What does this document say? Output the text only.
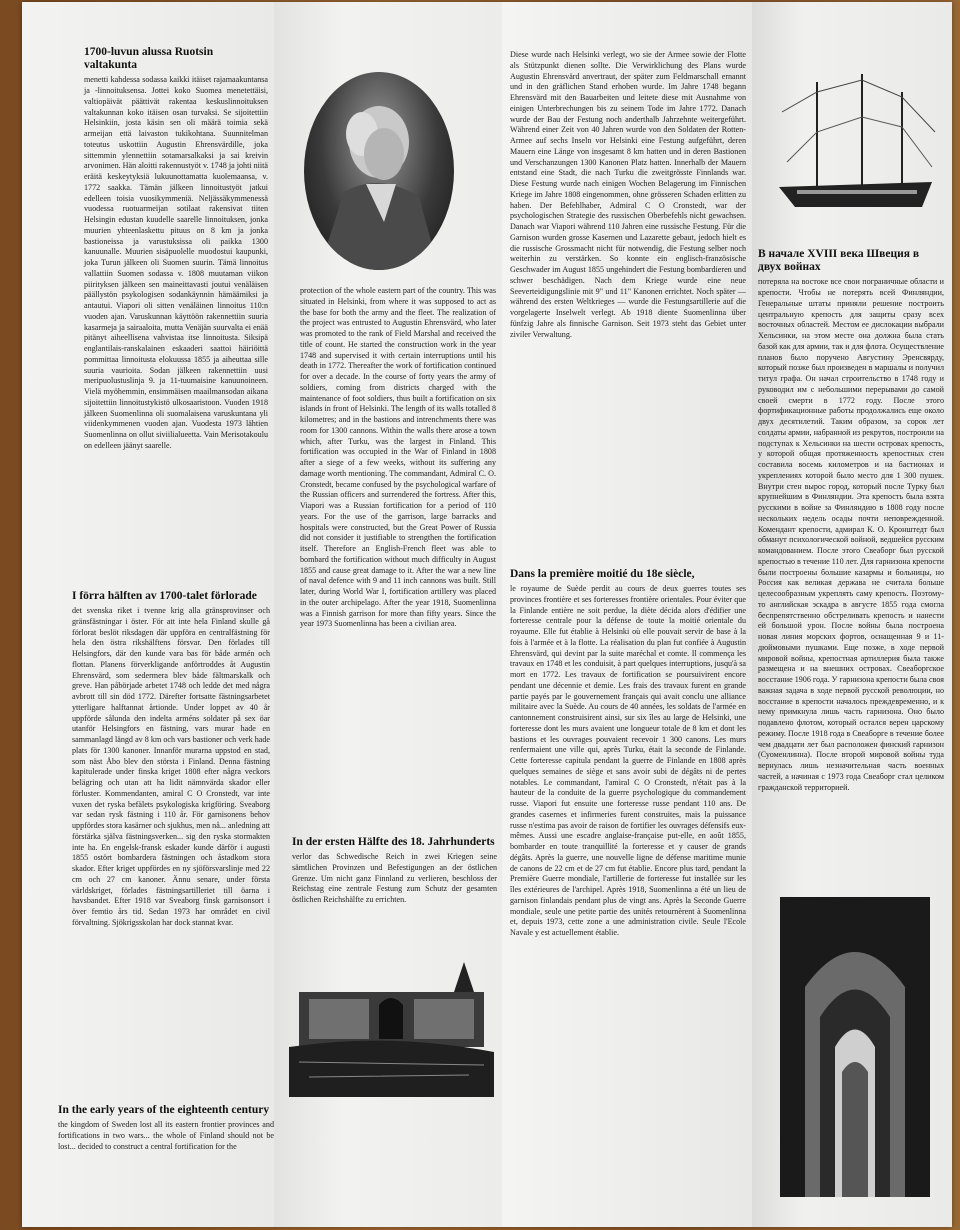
1700-luvun alussa Ruotsin valtakunta

menetti kahdessa sodassa kaikki itäiset rajamaakuntansa ja -linnoituksensa. Jottei koko Suomea menetettäisi, valtiopäivät päättivät rakentaa keskuslinnoituksen valtakunnan koko itäisen osan turvaksi. Se sijoitettiin Helsinkiin, josta käsin sen oli määrä toimia sekä armeijan että laivaston tukikohtana. Suunnitelman toteutus uskottiin Augustin Ehrensvärdille, joka sittemmin ylennettiin sotamarsalkaksi ja sai kreivin arvonimen. Hän aloitti rakennustyöt v. 1748 ja johti niitä eräitä keskeytyksiä lukuunottamatta kuolemaansa, v. 1772 saakka. Tämän jälkeen linnoitustyöt jatkui edelleen toisia vuosikymmeniä. Neljässäkymmenessä vuodessa ruotuarmeijan sotilaat rakensivat tiiten Helsingin edustan kuudelle saarelle linnoituksen, jonka muurien yhteenlaskettu pituus on 8 km ja jonka bastioneissa ja varustuksissa oli paikka 1300 kanuunalle. Muurien sisäpuolelle muodostui kaupunki, joka Turun jälkeen oli Suomen suurin. Tämä linnoitus vallattiin Suomen sodassa v. 1808 muutaman viikon piirityksen jälkeen sen maineittavasti joutui venäläisen päällystön psykologisen sodankäynnin hämäämiksi ja antautui. Viapori oli sitten venäläinen linnoitus 110:n vuoden ajan. Varuskunnan käyttöön rakennettiin suuria kasarmeja ja sairaaloita, mutta Venäjän suurvalta ei enää pitänyt aiheellisena vahvistaa itse linnoitusta. Siksipä englantilais-ranskalainen eskaaderi saattoi häiriöittä pommittaa linnoitusta elokuussa 1855 ja aiheuttaa sille suuria vaurioita. Sodan jälkeen rakennettiin uusi meripuolustuslinja 9. ja 11-tuumaisine kanuunoineen. Vielä myöhemmin, ensimmäisen maailmansodan aikana sijoitettiin linnoitustykistö ulkosaaristoon. Vuoden 1918 jälkeen Suomenlinna oli suomalaisena varuskuntana yli viidenkymmenen vuoden ajan. Vuodesta 1973 lähtien Suomenlinna on ollut siviilialueetta. Vain Merisotakoulu on edelleen jäänyt saarelle.

I förra hälften av 1700-talet förlorade

det svenska riket i tvenne krig alla gränsprovinser och gränsfästningar i öster. För att inte hela Finland skulle gå förlorat beslöt riksdagen där uppföra en centralfästning för hela den östra rikshälftens försvar. Den förlades till Helsingfors, där den kunde vara bas för både armén och flottan. Planens förverkligande anförtroddes åt Augustin Ehrensvärd, som sedermera blev både fältmarskalk och greve. Han påbörjade arbetet 1748 och ledde det med några avbrott till sin död 1772. Därefter fortsatte fästningsarbetet ytterligare halftannat årtionde. Under loppet av 40 år uppförde sålunda den indelta arméns soldater på sex öar utanför Helsingfors en fästning, vars murar hade en sammanlagd längd av 8 km och vars bastioner och verk hade plats för 1300 kanoner. Innanför murarna uppstod en stad, som näst Åbo blev den största i Finland. Denna fästning kapitulerade under finska kriget 1808 efter några veckors belägring och utan att ha lidit nämnvärda skador eller förluster. Kommendanten, amiral C O Cronstedt, var inte vuxen det ryska befälets psykologiska krigföring. Sveaborg var sedan rysk fästning i 110 år. För garnisonens behov uppfördes stora kasärner och sjukhus, men nå... anledning att förstärka själva fästningsverken... sig den ryska stormakten inte ha. En engelsk-fransk eskader kunde därför i augusti 1855 ostört bombardera fästningen och åstadkom stora skador. Efter kriget uppfördes en ny sjöförsvarslinje med 22 cm och 27 cm kanoner. Ännu senare, under första världskriget, förlades fästningsartilleriet till öarna i havsbandet. Efter 1918 var Sveaborg finsk garnisonsort i över femtio års tid. Sedan 1973 har området en civil förvaltning. Sjökrigsskolan har dock stannat kvar.

In the early years of the eighteenth century

the kingdom of Sweden lost all its eastern frontier provinces and fortifications in two wars... the whole of Finland should not be lost... decided to construct a central fortification for the

protection of the whole eastern part of the country. This was situated in Helsinki, from where it was supposed to act as the base for both the army and the fleet. The realization of the project was entrusted to Augustin Ehrensvärd, who later was promoted to the rank of Field Marshal and received the title of count. He started the construction work in the year 1748 and supervised it with certain interruptions until his death in 1772. Thereafter the work of fortification continued for over a decade. In the course of forty years the army of soldiers, coming from districts charged with the maintenance of foot soldiers, thus built a fortification on six islands in front of Helsinki. The length of its walls totalled 8 kilometres; and in the bastions and intrenchments there was room for 1300 cannons. Within the walls there arose a town which, after Turku, was the largest in Finland. This fortification was occupied in the War of Finland in 1808 after a siege of a few weeks, without its suffering any damage worth mentioning. The commandant, Admiral C. O. Cronstedt, became confused by the psychological warfare of the Russian officers and surrendered the fortress. After this, Viapori was a Russian fortification for a period of 110 years. For the use of the garrison, large barracks and hospitals were constructed, but the Great Power of Russia did not consider it justifiable to strengthen the fortification itself. Therefore an English-French fleet was able to bombard the fortification without much difficulty in August 1855 and cause great damage to it. After the war a new line of naval defence with 9 and 11 inch cannons was built. Still later, during World War I, fortification artillery was placed in the outer archipelago. After the year 1918, Suomenlinna was a Finnish garrison for more than fifty years. Since the year 1973 Suomenlinna has been a civilian area.

In der ersten Hälfte des 18. Jahrhunderts

verlor das Schwedische Reich in zwei Kriegen seine sämtlichen Provinzen und Befestigungen an der östlichen Grenze. Um nicht ganz Finnland zu verlieren, beschloss der Reichstag eine zentrale Festung zum Schutz der gesamten östlichen Reichshälfte zu errichten.

Diese wurde nach Helsinki verlegt, wo sie der Armee sowie der Flotte als Stützpunkt dienen sollte. Die Verwirklichung des Plans wurde Augustin Ehrensvärd anvertraut, der später zum Feldmarschall ernannt und in den gräflichen Stand erhoben wurde. Im Jahre 1748 begann Ehrensvärd mit den Bauarbeiten und leitete diese mit Ausnahme von einigen Unterbrechungen bis zu seinem Tode im Jahre 1772. Danach wurde der Bau der Festung noch anderthalb Jahrzehnte weitergeführt. Während einer Zeit von 40 Jahren wurde von den Soldaten der Rotten-Armee auf sechs Inseln vor Helsinki eine Festung aufgeführt, deren Mauern eine Länge von insgesamt 8 km hatten und in deren Bastionen und Verschanzungen 1300 Kanonen Platz hatten. Innerhalb der Mauern entstand eine Stadt, die nach Turku die zweitgrösste Finnlands war. Diese Festung wurde nach einigen Wochen Belagerung im Finnischen Kriege im Jahre 1808 eingenommen, ohne grösseren Schaden erlitten zu haben. Der Befehlhaber, Admiral C O Cronstedt, war der psychologischen Strategie des russischen Oberbefehls nicht gewachsen. Danach war Viapori während 110 Jahren eine russische Festung. Für die Garnison wurden grosse Kasernen und Lazarette gebaut, jedoch hielt es die russische Grossmacht nicht für notwendig, die Festung selber noch weiterhin zu verstärken. So konnte ein englisch-französische Geschwader im August 1855 ungehindert die Festung bombardieren und schwer beschädigen. Nach dem Kriege wurde eine neue Seeverteidigungslinie mit 9" und 11" Kanonen errichtet. Noch später — während des ersten Weltkrieges — wurde die Festungsartillerie auf die vorgelagerte Inselwelt verlegt. Ab 1918 diente Suomenlinna über fünfzig Jahre als finnische Garnison. Seit 1973 steht das Gebiet unter ziviler Verwaltung.

Dans la première moitié du 18e siècle,

le royaume de Suède perdit au cours de deux guerres toutes ses provinces frontière et ses forteresses frontière orientales. Pour éviter que la Finlande entière ne soit perdue, la diète décida alors d'édifier une forteresse centrale pour la défense de toute la moitié orientale du royaume. Elle fut établie à Helsinki où elle pouvait servir de base à la fois à l'armée et à la flotte. La réalisation du plan fut confiée à Augustin Ehrensvärd, qui devint par la suite maréchal et comte. Il commença les travaux en 1748 et les conduisit, à part quelques interruptions, jusqu'à sa mort en 1772. Les travaux de fortification se poursuivirent encore pendant une décennie et demie. Les frais des travaux furent en grande partie payés par le gouvernement français qui avait conclu une alliance militaire avec la Suède. Au cours de 40 années, les soldats de l'armée en cantonnement construisirent ainsi, sur six îles au large de Helsinki, une forteresse dont les murs avaient une longueur totale de 8 km et dont les bastions et les ouvrages pouvaient recevoir 1 300 canons. Les murs renfermaient une ville qui, après Turku, était la seconde de Finlande. Cette forteresse capitula pendant la guerre de Finlande en 1808 après quelques semaines de siège et sans avoir subi de dégâts ni de pertes notables. Le commandant, l'amiral C O Cronstedt, n'était pas à la hauteur de la conduite de la guerre psychologique du commandement russe. Viapori fut ensuite une forteresse russe pendant 110 ans. De grandes casernes et infirmeries furent construites, mais la puissance russe n'estima pas avoir de raison de fortifier les ouvrages défensifs eux-mêmes. Aussi une escadre anglaise-française put-elle, en août 1855, bombarder en toute tranquillité la forteresse et y causer de grands dégâts. Après la guerre, une nouvelle ligne de défense maritime munie de canons de 22 cm et de 27 cm fut établie. Encore plus tard, pendant la Première Guerre mondiale, l'artillerie de forteresse fut installée sur les îles extérieures de l'archipel. Après 1918, Suomenlinna a été un lieu de garnison finlandais pendant plus de vingt ans. Après la Seconde Guerre mondiale, seule une petite partie des unités retournèrent à Suomenlinna et, depuis 1973, cette zone a une administration civile. Seule l'Ecole Navale y est actuellement établie.

В начале XVIII века Швеция в двух войнах

потеряла на востоке все свои пограничные области и крепости. Чтобы не потерять всей Финляндии, Генеральные штаты приняли решение построить центральную крепость для защиты сразу всех восточных областей. Местом ее дислокации выбрали Хельсинки, на этом месте она должна была стать базой как для армии, так и для флота. Осуществление планов было поручено Августину Эренсвярду, который позже был произведен в маршалы и получил титул графа. Он начал строительство в 1748 году и руководил им с небольшими перерывами до самой своей смерти в 1772 году. После этого фортификационные работы продолжались еще около двух десятилетий. Таким образом, за сорок лет солдаты армии, набранной из рекрутов, построили на подступах к Хельсинки на шести островах крепость, у которой общая протяженность крепостных стен составила восемь километров и на бастионах и укреплениях которой было место для 1 300 пушек. Внутри стен вырос город, который после Турку был крупнейшим в Финляндии. Эта крепость была взята русскими в войне за Финляндию в 1808 году после нескольких недель осады почти неповрежденной. Комендант крепости, адмирал К. О. Кронштедт был обманут психологической войной, ведшейся русским командованием. После этого Свеаборг был русской крепостью в течение 110 лет. Для гарнизона крепости были построены большие казармы и больницы, но Россия как великая держава не считала больше целесообразным укреплять саму крепость. Поэтому-то английская эскадра в августе 1855 года смогла беспрепятственно обстреливать крепость и нанести ей большой урон. После войны была построена новая линия морских фортов, оснащенная 9 и 11-дюймовыми пушками. Еще позже, в ходе первой мировой войны, крепостная артиллерия была также размещена и на внешних островах. Свеаборгское восстание 1906 года. У гарнизона крепости была своя важная задача в ходе первой русской революции, но восстание в крепости началось преждевременно, и к нему примкнула лишь часть гарнизона. Оно было подавлено флотом, который остался верен царскому режиму. После 1918 года в Свеаборге в течение более чем двадцати лет был расположен финский гарнизон (Суоменлинна). После второй мировой войны туда вернулась лишь незначительная часть военных частей, а начиная с 1973 года Свеаборг стал целиком гражданской территорией.
